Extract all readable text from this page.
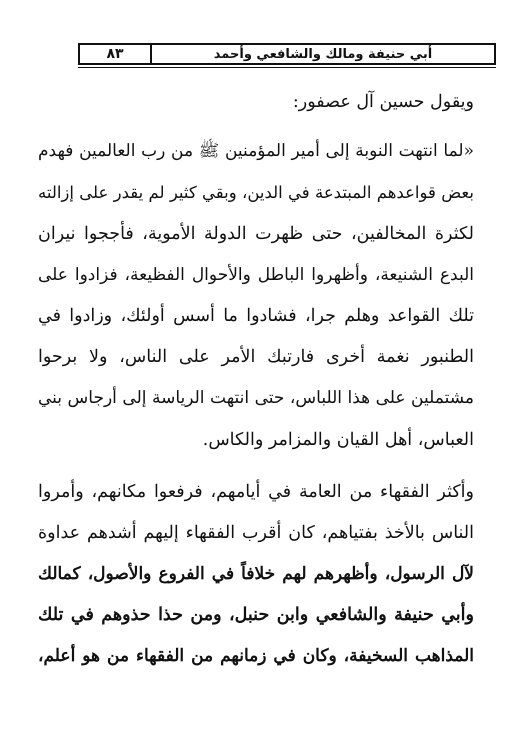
أبي حنيفة ومالك والشافعي وأحمد
٨٣
ويقول حسين آل عصفور:
«لما انتهت النوبة إلى أمير المؤمنين ﷺ من رب العالمين فهدم
بعض قواعدهم المبتدعة في الدين، وبقي كثير لم يقدر على إزالته
لكثرة المخالفين، حتى ظهرت الدولة الأموية، فأججوا نيران
البدع الشنيعة، وأظهروا الباطل والأحوال الفظيعة، فزادوا على
تلك القواعد وهلم جرا، فشادوا ما أسس أولئك، وزادوا في
الطنبور نغمة أخرى فارتبك الأمر على الناس، ولا برحوا
مشتملين على هذا اللباس، حتى انتهت الرياسة إلى أرجاس بني
العباس، أهل القيان والمزامر والكاس.
وأكثر الفقهاء من العامة في أيامهم، فرفعوا مكانهم، وأمروا
الناس بالأخذ بفتياهم، كان أقرب الفقهاء إليهم أشدهم عداوة
لآل الرسول، وأظهرهم لهم خلافاً في الفروع والأصول، كمالك
وأبي حنيفة والشافعي وابن حنبل، ومن حذا حذوهم في تلك
المذاهب السخيفة، وكان في زمانهم من الفقهاء من هو أعلم،
